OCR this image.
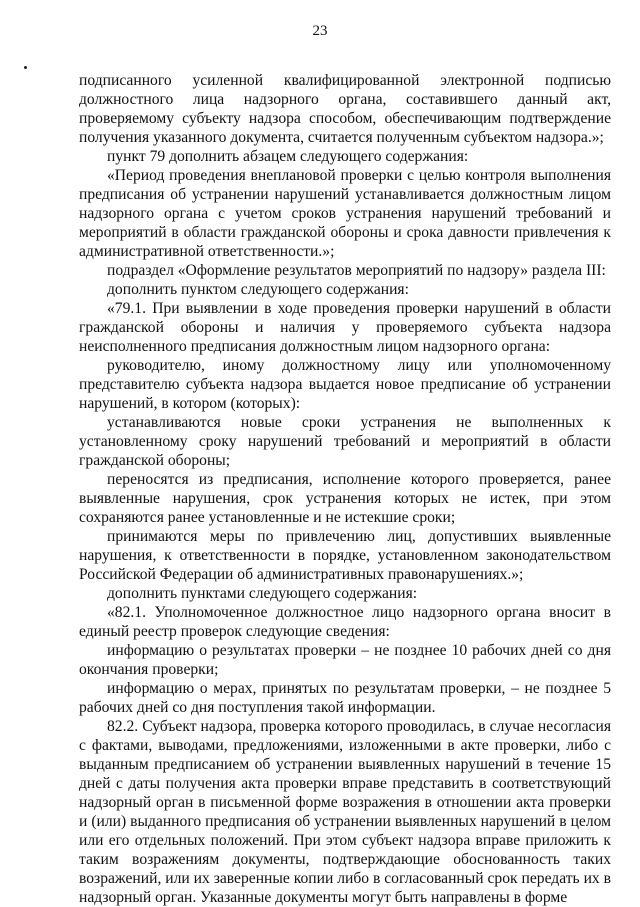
23

подписанного усиленной квалифицированной электронной подписью должностного лица надзорного органа, составившего данный акт, проверяемому субъекту надзора способом, обеспечивающим подтверждение получения указанного документа, считается полученным субъектом надзора.»;

пункт 79 дополнить абзацем следующего содержания:

«Период проведения внеплановой проверки с целью контроля выполнения предписания об устранении нарушений устанавливается должностным лицом надзорного органа с учетом сроков устранения нарушений требований и мероприятий в области гражданской обороны и срока давности привлечения к административной ответственности.»;

подраздел «Оформление результатов мероприятий по надзору» раздела III:

дополнить пунктом следующего содержания:

«79.1. При выявлении в ходе проведения проверки нарушений в области гражданской обороны и наличия у проверяемого субъекта надзора неисполненного предписания должностным лицом надзорного органа:

руководителю, иному должностному лицу или уполномоченному представителю субъекта надзора выдается новое предписание об устранении нарушений, в котором (которых):

устанавливаются новые сроки устранения не выполненных к установленному сроку нарушений требований и мероприятий в области гражданской обороны;

переносятся из предписания, исполнение которого проверяется, ранее выявленные нарушения, срок устранения которых не истек, при этом сохраняются ранее установленные и не истекшие сроки;

принимаются меры по привлечению лиц, допустивших выявленные нарушения, к ответственности в порядке, установленном законодательством Российской Федерации об административных правонарушениях.»;

дополнить пунктами следующего содержания:

«82.1. Уполномоченное должностное лицо надзорного органа вносит в единый реестр проверок следующие сведения:

информацию о результатах проверки – не позднее 10 рабочих дней со дня окончания проверки;

информацию о мерах, принятых по результатам проверки, – не позднее 5 рабочих дней со дня поступления такой информации.

82.2. Субъект надзора, проверка которого проводилась, в случае несогласия с фактами, выводами, предложениями, изложенными в акте проверки, либо с выданным предписанием об устранении выявленных нарушений в течение 15 дней с даты получения акта проверки вправе представить в соответствующий надзорный орган в письменной форме возражения в отношении акта проверки и (или) выданного предписания об устранении выявленных нарушений в целом или его отдельных положений. При этом субъект надзора вправе приложить к таким возражениям документы, подтверждающие обоснованность таких возражений, или их заверенные копии либо в согласованный срок передать их в надзорный орган. Указанные документы могут быть направлены в форме
